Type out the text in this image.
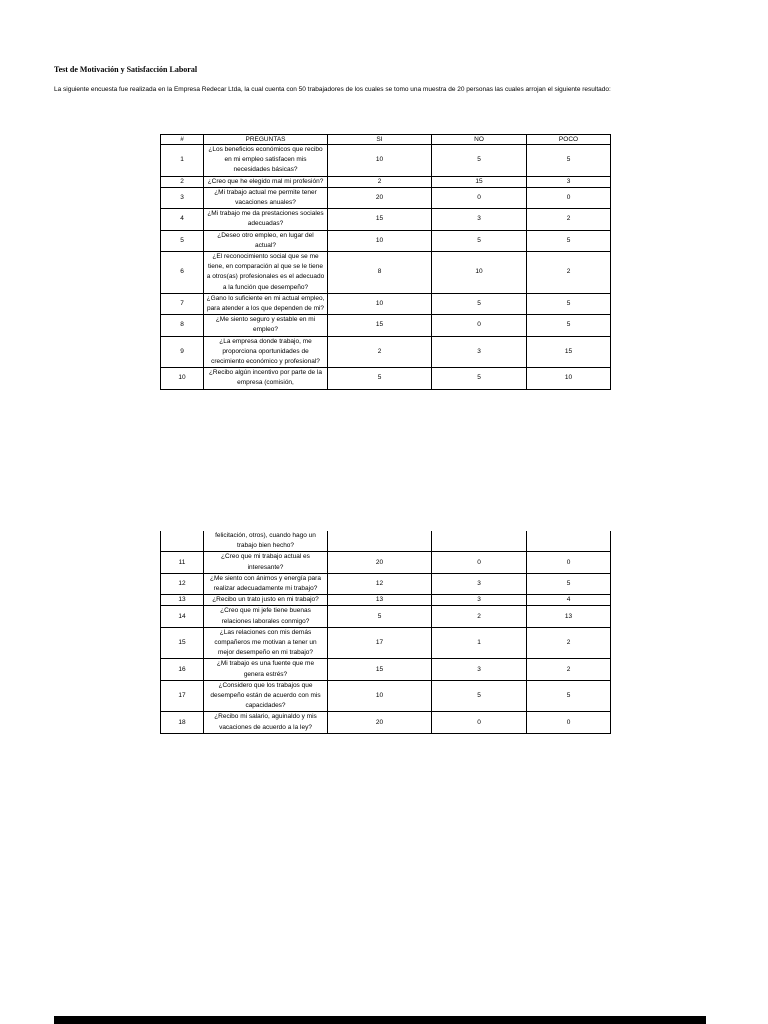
Test de Motivación y Satisfacción Laboral
La siguiente encuesta fue realizada en la Empresa Redecar Ltda, la cual cuenta con 50 trabajadores de los cuales se tomo una muestra de 20 personas las cuales arrojan el siguiente resultado:
#	PREGUNTAS	SI	NO	POCO
1	¿Los beneficios económicos que recibo en mi empleo satisfacen mis necesidades básicas?	10	5	5
2	¿Creo que he elegido mal mi profesión?	2	15	3
3	¿Mi trabajo actual me permite tener vacaciones anuales?	20	0	0
4	¿Mi trabajo me da prestaciones sociales adecuadas?	15	3	2
5	¿Deseo otro empleo, en lugar del actual?	10	5	5
6	¿El reconocimiento social que se me tiene, en comparación al que se le tiene a otros(as) profesionales es el adecuado a la función que desempeño?	8	10	2
7	¿Gano lo suficiente en mi actual empleo, para atender a los que dependen de mi?	10	5	5
8	¿Me siento seguro y estable en mi empleo?	15	0	5
9	¿La empresa donde trabajo, me proporciona oportunidades de crecimiento económico y profesional?	2	3	15
10	¿Recibo algún incentivo por parte de la empresa (comisión,	5	5	10
	felicitación, otros), cuando hago un trabajo bien hecho?			
11	¿Creo que mi trabajo actual es interesante?	20	0	0
12	¿Me siento con ánimos y energía para realizar adecuadamente mi trabajo?	12	3	5
13	¿Recibo un trato justo en mi trabajo?	13	3	4
14	¿Creo que mi jefe tiene buenas relaciones laborales conmigo?	5	2	13
15	¿Las relaciones con mis demás compañeros me motivan a tener un mejor desempeño en mi trabajo?	17	1	2
16	¿Mi trabajo es una fuente que me genera estrés?	15	3	2
17	¿Considero que los trabajos que desempeño están de acuerdo con mis capacidades?	10	5	5
18	¿Recibo mi salario, aguinaldo y mis vacaciones de acuerdo a la ley?	20	0	0
